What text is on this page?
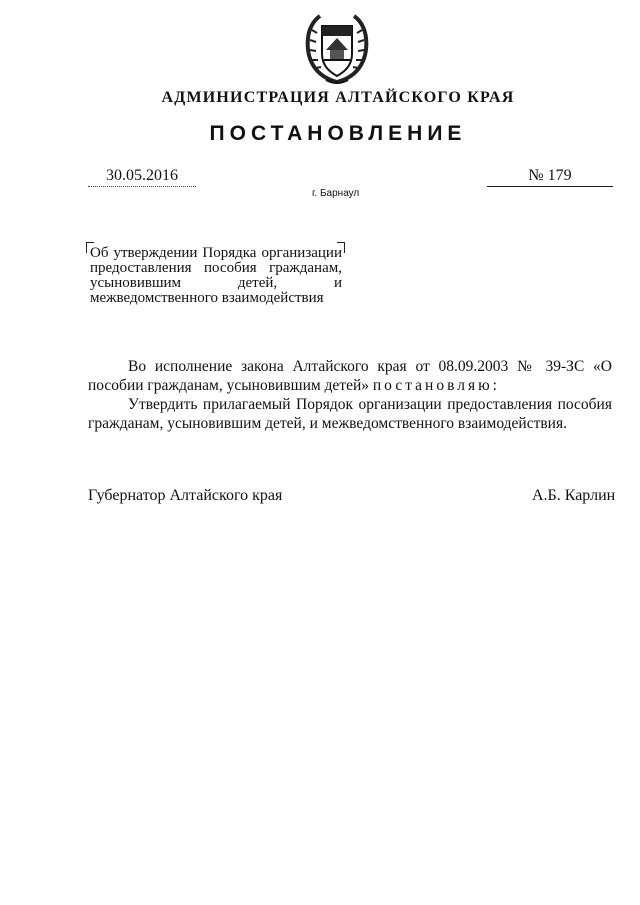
АДМИНИСТРАЦИЯ АЛТАЙСКОГО КРАЯ
ПОСТАНОВЛЕНИЕ
30.05.2016	№ 179
г. Барнаул
Об утверждении Порядка организации предоставления пособия гражданам, усыновившим детей, и межведомственного взаимодействия
Во исполнение закона Алтайского края от 08.09.2003 № 39-ЗС «О пособии гражданам, усыновившим детей» постановляю:
Утвердить прилагаемый Порядок организации предоставления пособия гражданам, усыновившим детей, и межведомственного взаимодействия.
Губернатор Алтайского края	А.Б. Карлин
